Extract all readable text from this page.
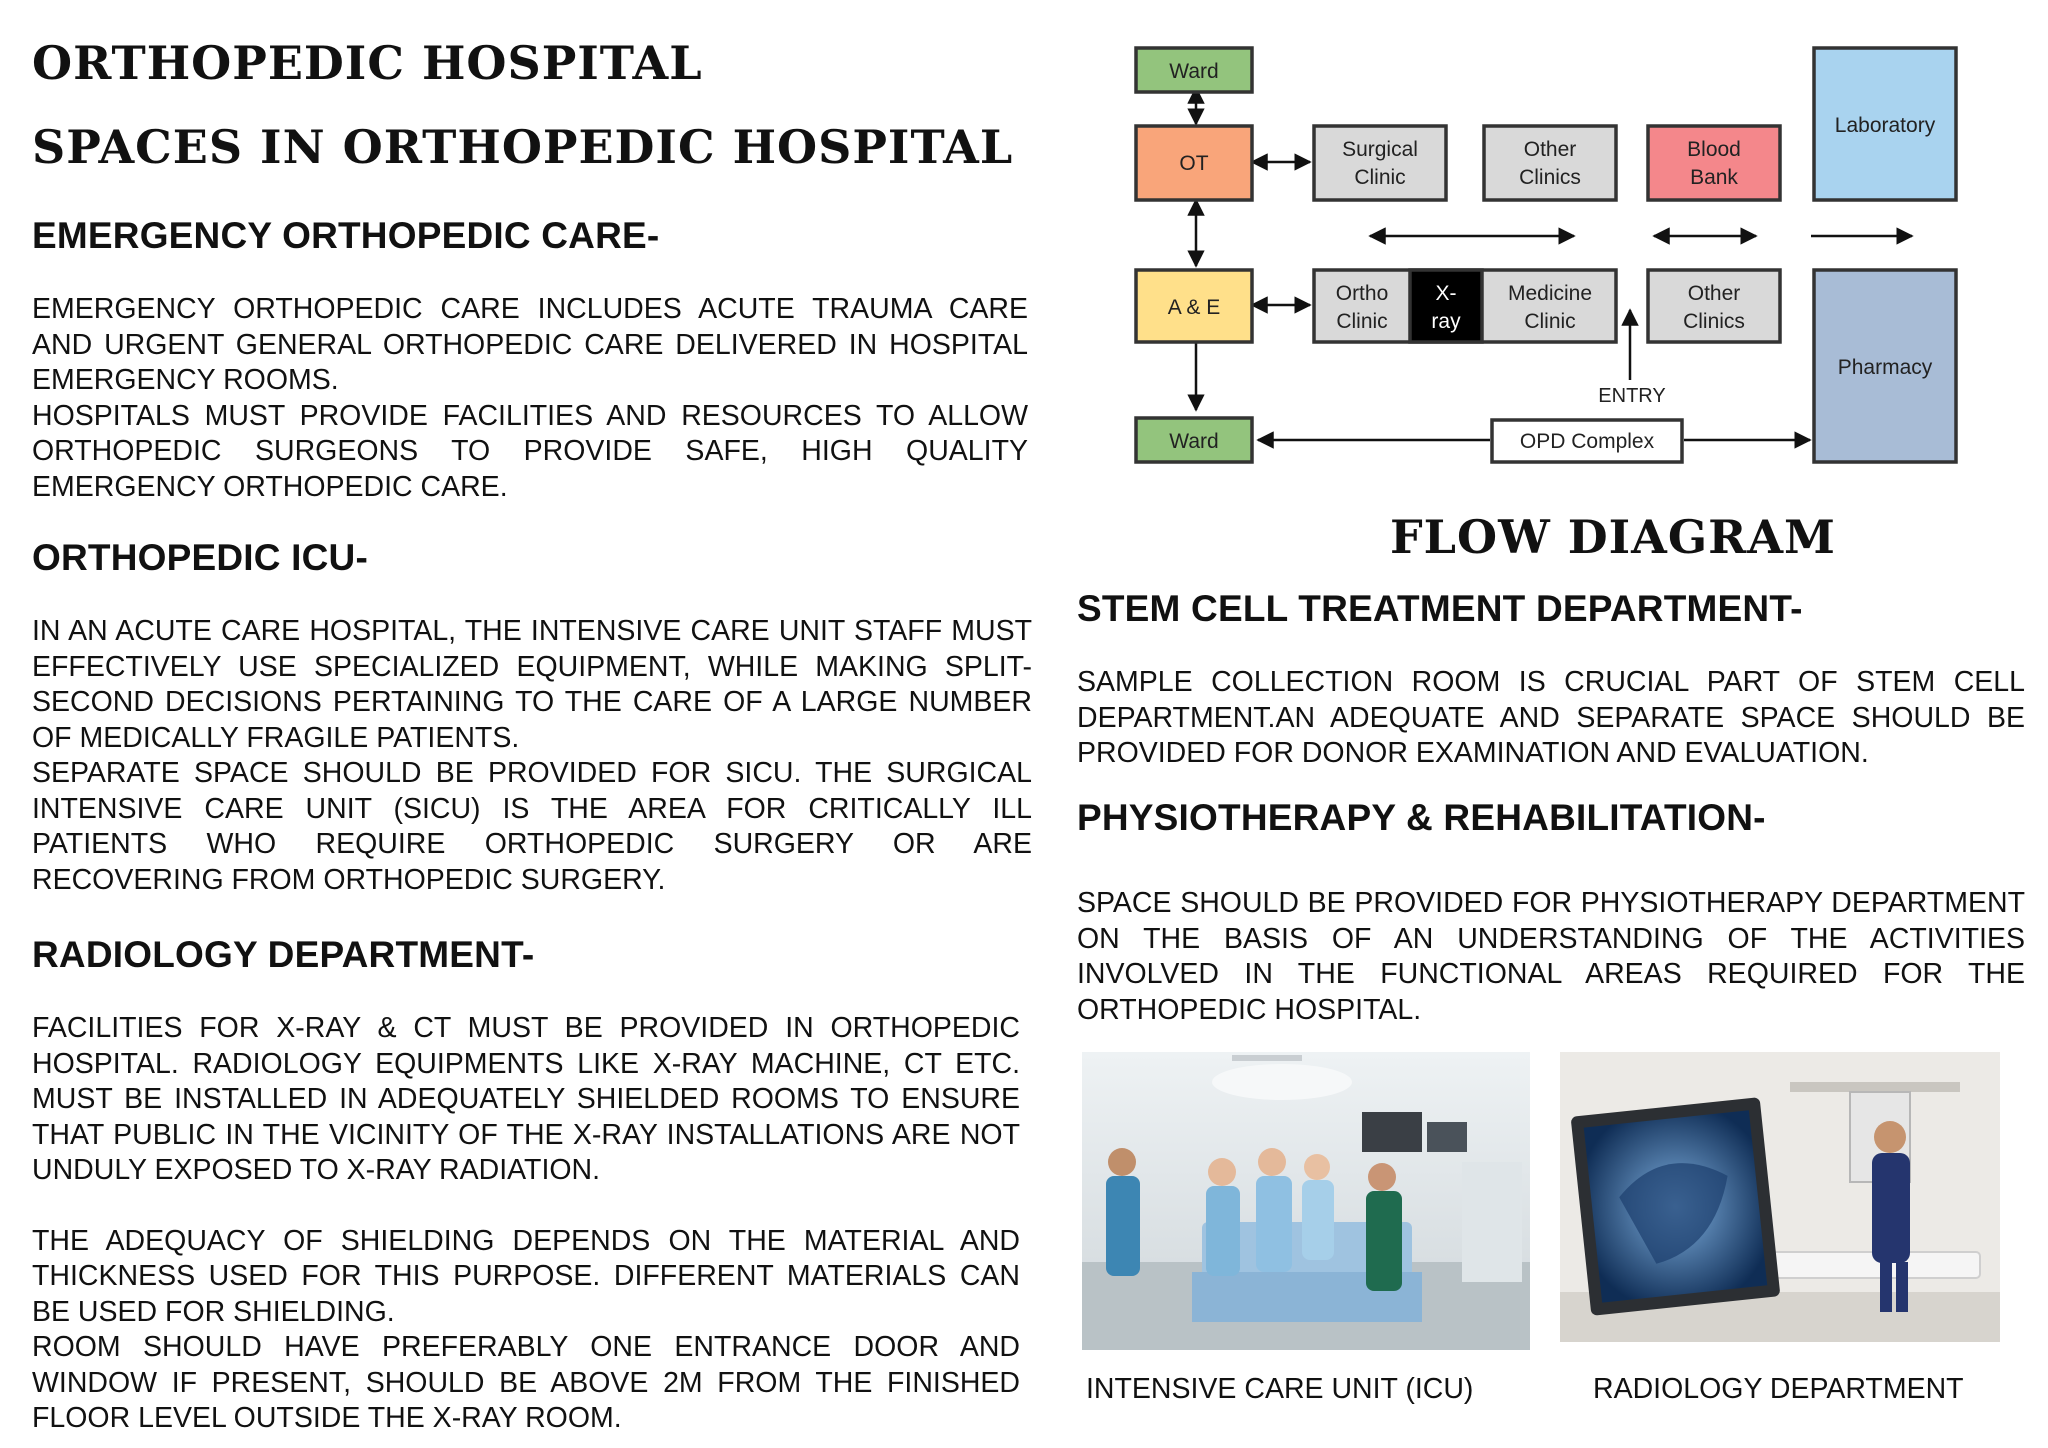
ORTHOPEDIC HOSPITAL
SPACES IN ORTHOPEDIC HOSPITAL
EMERGENCY ORTHOPEDIC CARE-

EMERGENCY ORTHOPEDIC CARE INCLUDES ACUTE TRAUMA CARE AND URGENT GENERAL ORTHOPEDIC CARE DELIVERED IN HOSPITAL EMERGENCY ROOMS.

HOSPITALS MUST PROVIDE FACILITIES AND RESOURCES TO ALLOW ORTHOPEDIC SURGEONS TO PROVIDE SAFE, HIGH QUALITY EMERGENCY ORTHOPEDIC CARE.

ORTHOPEDIC ICU-

IN AN ACUTE CARE HOSPITAL, THE INTENSIVE CARE UNIT STAFF MUST EFFECTIVELY USE SPECIALIZED EQUIPMENT, WHILE MAKING SPLIT-SECOND DECISIONS PERTAINING TO THE CARE OF A LARGE NUMBER OF MEDICALLY FRAGILE PATIENTS.

SEPARATE SPACE SHOULD BE PROVIDED FOR SICU. THE SURGICAL INTENSIVE CARE UNIT (SICU) IS THE AREA FOR CRITICALLY ILL PATIENTS WHO REQUIRE ORTHOPEDIC SURGERY OR ARE RECOVERING FROM ORTHOPEDIC SURGERY.

RADIOLOGY DEPARTMENT-

FACILITIES FOR X-RAY & CT MUST BE PROVIDED IN ORTHOPEDIC HOSPITAL. RADIOLOGY EQUIPMENTS LIKE X-RAY MACHINE, CT ETC. MUST BE INSTALLED IN ADEQUATELY SHIELDED ROOMS TO ENSURE THAT PUBLIC IN THE VICINITY OF THE X-RAY INSTALLATIONS ARE NOT UNDULY EXPOSED TO X-RAY RADIATION.

THE ADEQUACY OF SHIELDING DEPENDS ON THE MATERIAL AND THICKNESS USED FOR THIS PURPOSE. DIFFERENT MATERIALS CAN BE USED FOR SHIELDING.

ROOM SHOULD HAVE PREFERABLY ONE ENTRANCE DOOR AND WINDOW IF PRESENT, SHOULD BE ABOVE 2M FROM THE FINISHED FLOOR LEVEL OUTSIDE THE X-RAY ROOM.

Ward
OT
A & E
Ward
Surgical
Clinic
Other
Clinics
Blood
Bank
Laboratory
Ortho
Clinic
X-
ray
Medicine
Clinic
Other
Clinics
Pharmacy
ENTRY
OPD Complex
FLOW DIAGRAM
STEM CELL TREATMENT DEPARTMENT-

SAMPLE COLLECTION ROOM IS CRUCIAL PART OF STEM CELL DEPARTMENT.AN ADEQUATE AND SEPARATE SPACE SHOULD BE PROVIDED FOR DONOR EXAMINATION AND EVALUATION.

PHYSIOTHERAPY & REHABILITATION-

SPACE SHOULD BE PROVIDED FOR PHYSIOTHERAPY DEPARTMENT ON THE BASIS OF AN UNDERSTANDING OF THE ACTIVITIES INVOLVED IN THE FUNCTIONAL AREAS REQUIRED FOR THE ORTHOPEDIC HOSPITAL.

INTENSIVE CARE UNIT (ICU)	RADIOLOGY DEPARTMENT
